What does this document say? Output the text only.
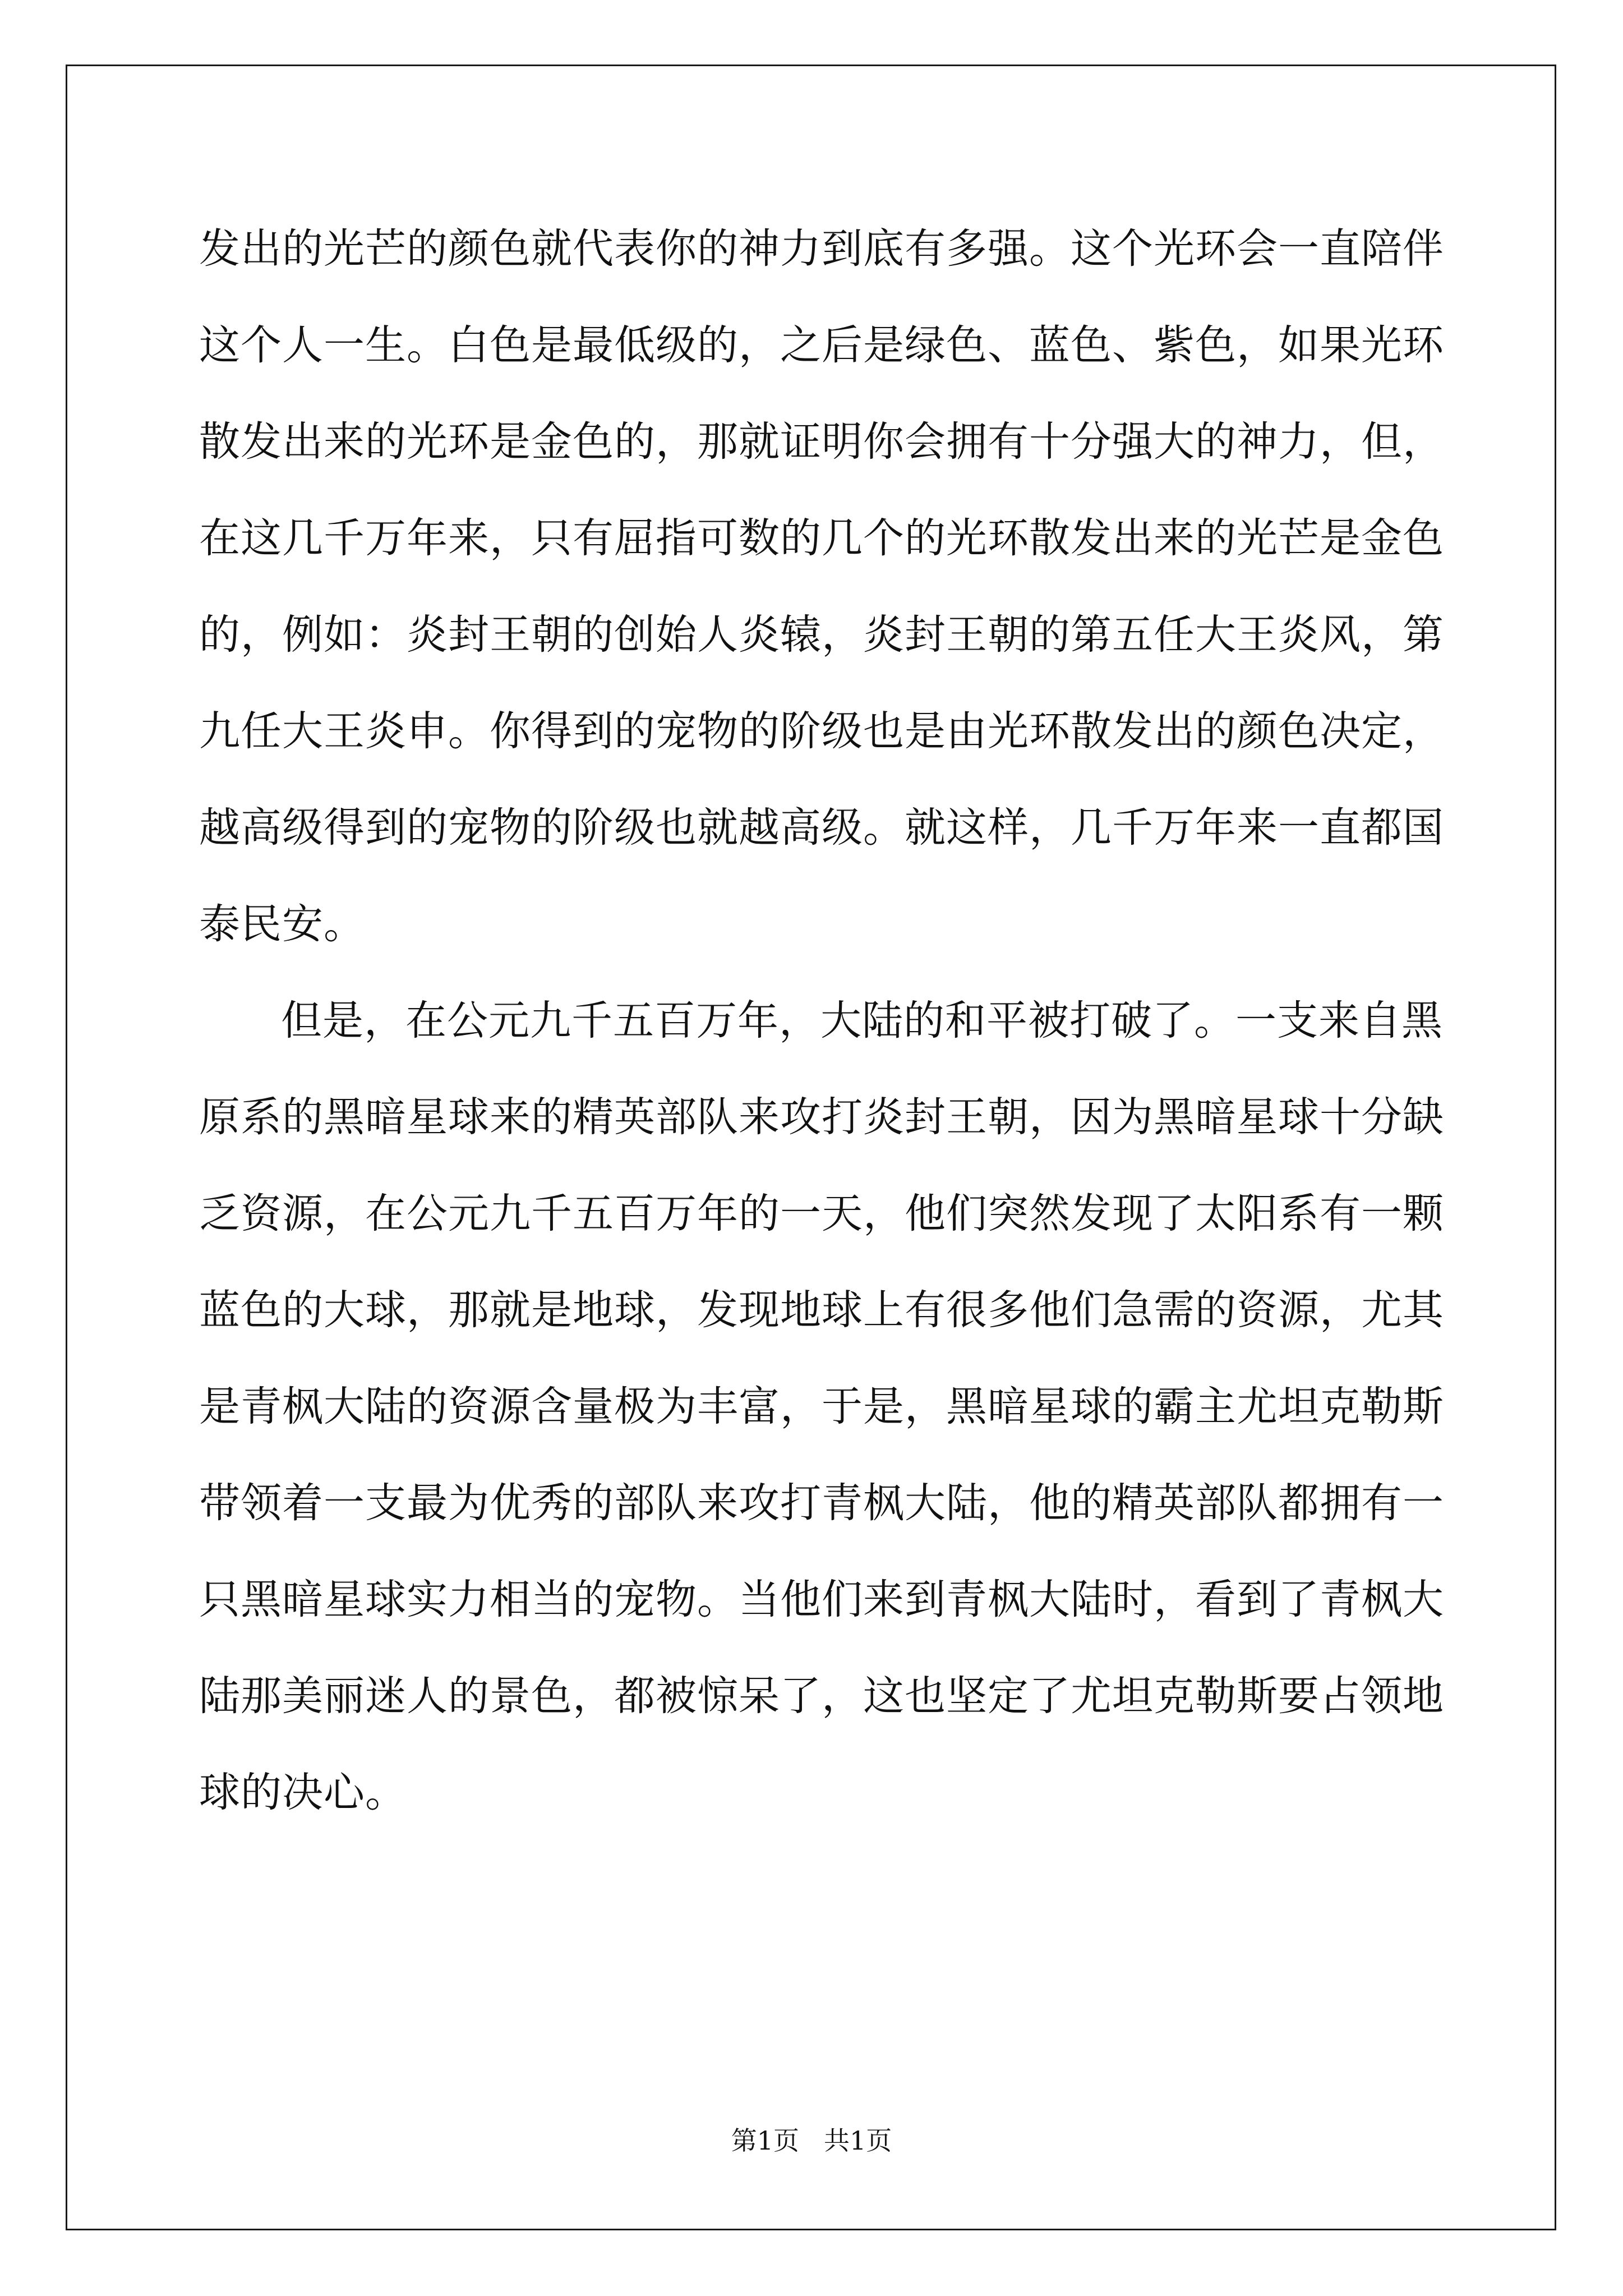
发出的光芒的颜色就代表你的神力到底有多强。这个光环会一直陪伴
这个人一生。白色是最低级的，之后是绿色、蓝色、紫色，如果光环
散发出来的光环是金色的，那就证明你会拥有十分强大的神力，但，
在这几千万年来，只有屈指可数的几个的光环散发出来的光芒是金色
的，例如：炎封王朝的创始人炎辕，炎封王朝的第五任大王炎风，第
九任大王炎申。你得到的宠物的阶级也是由光环散发出的颜色决定，
越高级得到的宠物的阶级也就越高级。就这样，几千万年来一直都国
泰民安。
但是，在公元九千五百万年，大陆的和平被打破了。一支来自黑
原系的黑暗星球来的精英部队来攻打炎封王朝，因为黑暗星球十分缺
乏资源，在公元九千五百万年的一天，他们突然发现了太阳系有一颗
蓝色的大球，那就是地球，发现地球上有很多他们急需的资源，尤其
是青枫大陆的资源含量极为丰富，于是，黑暗星球的霸主尤坦克勒斯
带领着一支最为优秀的部队来攻打青枫大陆，他的精英部队都拥有一
只黑暗星球实力相当的宠物。当他们来到青枫大陆时，看到了青枫大
陆那美丽迷人的景色，都被惊呆了，这也坚定了尤坦克勒斯要占领地
球的决心。
第1页 共1页
